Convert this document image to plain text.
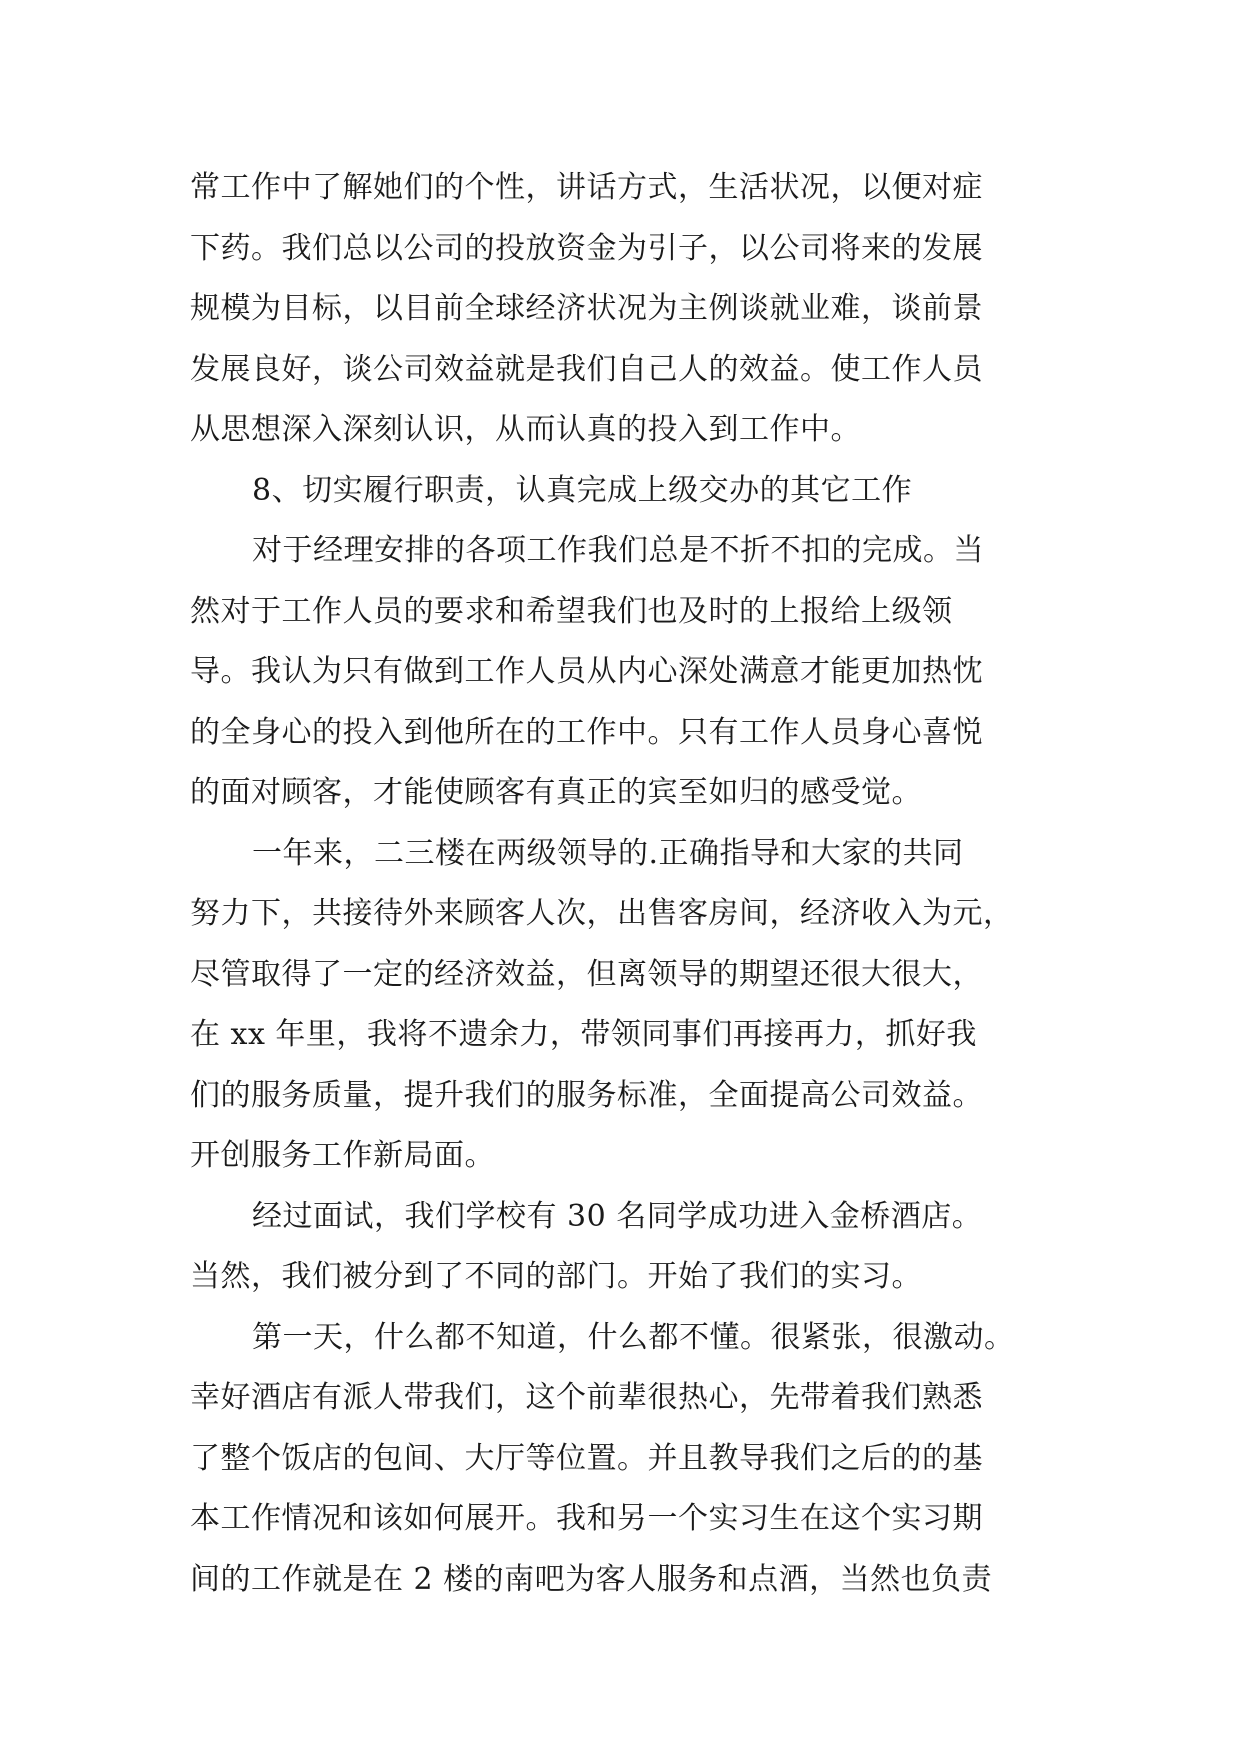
常工作中了解她们的个性，讲话方式，生活状况，以便对症
下药。我们总以公司的投放资金为引子，以公司将来的发展
规模为目标，以目前全球经济状况为主例谈就业难，谈前景
发展良好，谈公司效益就是我们自己人的效益。使工作人员
从思想深入深刻认识，从而认真的投入到工作中。
8、切实履行职责，认真完成上级交办的其它工作
对于经理安排的各项工作我们总是不折不扣的完成。当
然对于工作人员的要求和希望我们也及时的上报给上级领
导。我认为只有做到工作人员从内心深处满意才能更加热忱
的全身心的投入到他所在的工作中。只有工作人员身心喜悦
的面对顾客，才能使顾客有真正的宾至如归的感受觉。
一年来，二三楼在两级领导的.正确指导和大家的共同
努力下，共接待外来顾客人次，出售客房间，经济收入为元，
尽管取得了一定的经济效益，但离领导的期望还很大很大，
在 xx 年里，我将不遗余力，带领同事们再接再力，抓好我
们的服务质量，提升我们的服务标准，全面提高公司效益。
开创服务工作新局面。
经过面试，我们学校有 30 名同学成功进入金桥酒店。
当然，我们被分到了不同的部门。开始了我们的实习。
第一天，什么都不知道，什么都不懂。很紧张，很激动。
幸好酒店有派人带我们，这个前辈很热心，先带着我们熟悉
了整个饭店的包间、大厅等位置。并且教导我们之后的的基
本工作情况和该如何展开。我和另一个实习生在这个实习期
间的工作就是在 2 楼的南吧为客人服务和点酒，当然也负责
